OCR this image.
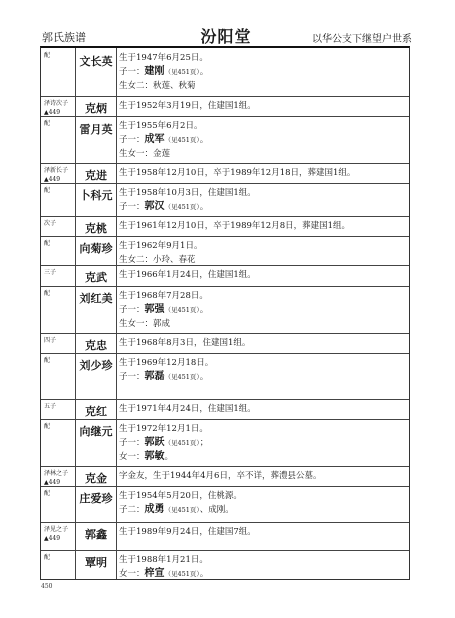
郭氏族谱	汾阳堂	以华公支下继望户世系
配	文长英 生于1947年6月25日。
子一：建刚（见451页）。
生女二：秋莲、秋菊
泽诗次子
▲449	克炳	生于1952年3月19日，住建国1组。
配	雷月英 生于1955年6月2日。
子一：成军（见451页）。
生女一：金莲
泽新长子
▲449	克进	生于1958年12月10日，卒于1989年12月18日，葬建国1组。
配	卜科元 生于1958年10月3日，住建国1组。
子一：郭汉（见451页）。
次子	克桃	生于1961年12月10日，卒于1989年12月8日，葬建国1组。
配	向菊珍 生于1962年9月1日。
生女二：小玲、春花
三子	克武	生于1966年1月24日，住建国1组。
配	刘红美 生于1968年7月28日。
子一：郭强（见451页）。
生女一：郭成
四子	克忠	生于1968年8月3日，住建国1组。
配	刘少珍 生于1969年12月18日。
子一：郭磊（见451页）。
五子	克红	生于1971年4月24日，住建国1组。
配	向继元 生于1972年12月1日。
子一：郭跃（见451页）；
女一：郭敏。
泽林之子
▲449	克金	字金友，生于1944年4月6日，卒不详，葬澧县公墓。
配	庄爱珍 生于1954年5月20日，住桃源。
子二：成勇（见451页）、成刚。
泽见之子
▲449	郭鑫	生于1989年9月24日，住建国7组。
配	覃明	生于1988年1月21日。
女一：梓宣（见451页）。
450
